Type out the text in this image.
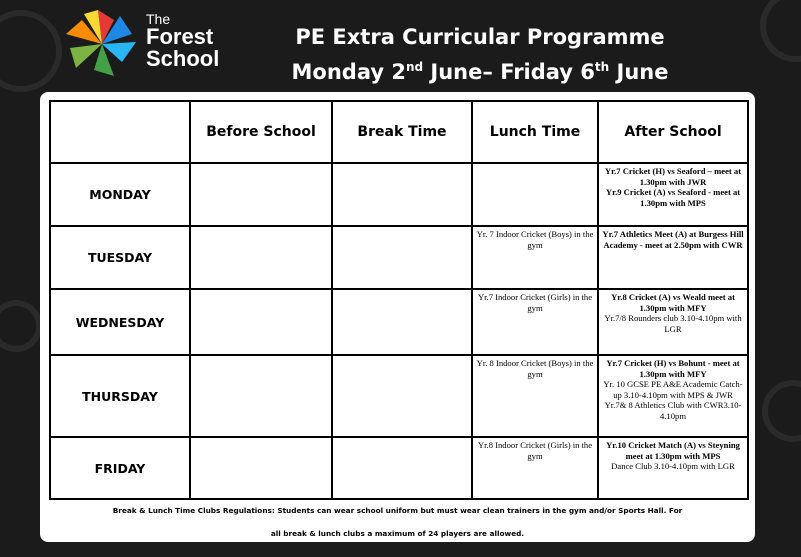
The
Forest
School
PE Extra Curricular Programme
Monday 2nd June– Friday 6th June
	Before School	Break Time	Lunch Time	After School
MONDAY				Yr.7 Cricket (H) vs Seaford – meet at 1.30pm with JWR
Yr.9 Cricket (A) vs Seaford - meet at 1.30pm with MPS

TUESDAY			Yr. 7 Indoor Cricket (Boys) in the gym	Yr.7 Athletics Meet (A) at Burgess Hill Academy - meet at 2.50pm with CWR

WEDNESDAY			Yr.7 Indoor Cricket (Girls) in the gym	Yr.8 Cricket (A) vs Weald meet at 1.30pm with MFY
Yr.7/8 Rounders club 3.10-4.10pm with LGR

THURSDAY			Yr. 8 Indoor Cricket (Boys) in the gym	Yr.7 Cricket (H) vs Bohunt - meet at 1.30pm with MFY
Yr. 10 GCSE PE A&E Academic Catch-up 3.10-4.10pm with MPS & JWR
Yr.7& 8 Athletics Club with CWR3.10-4.10pm

FRIDAY			Yr.8 Indoor Cricket (Girls) in the gym	Yr.10 Cricket Match (A) vs Steyning meet at 1.30pm with MPS
Dance Club 3.10-4.10pm with LGR
Break & Lunch Time Clubs Regulations: Students can wear school uniform but must wear clean trainers in the gym and/or Sports Hall. For
all break & lunch clubs a maximum of 24 players are allowed.
